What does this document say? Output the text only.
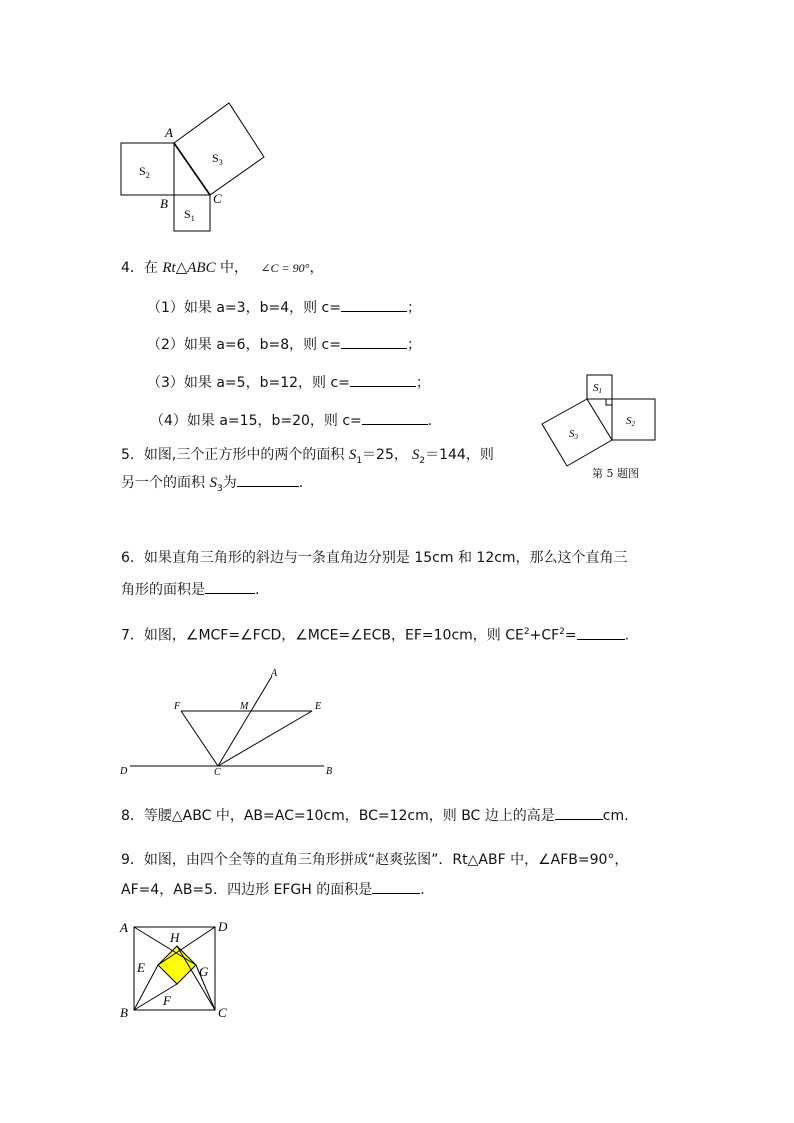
A
B	C
$S_2$
$S_1$
$S_3$
4．在 Rt△ABC 中， ∠C = 90°，
（1）如果 a=3，b=4，则 c=	；
（2）如果 a=6，b=8，则 c=	；
（3）如果 a=5，b=12，则 c=	；
（4）如果 a=15，b=20，则 c=	.
S1
S2
S3
第 5 题图
5．如图,三个正方形中的两个的面积 $S_1=25$， $S_2=144$，则
另一个的面积 $S_3$为	.
6．如果直角三角形的斜边与一条直角边分别是 15cm 和 12cm，那么这个直角三
角形的面积是	.
7．如图，∠MCF=∠FCD，∠MCE=∠ECB，EF=10cm，则 $CE^2+CF^2=$	.
A
F	M	E
D	C	B
8．等腰△ABC 中，AB=AC=10cm，BC=12cm，则 BC 边上的高是	cm.
9．如图，由四个全等的直角三角形拼成“赵爽弦图”．Rt△ABF 中，∠AFB=90°，
AF=4，AB=5．四边形 EFGH 的面积是	.
A	D
B	C
H
E	G
F
